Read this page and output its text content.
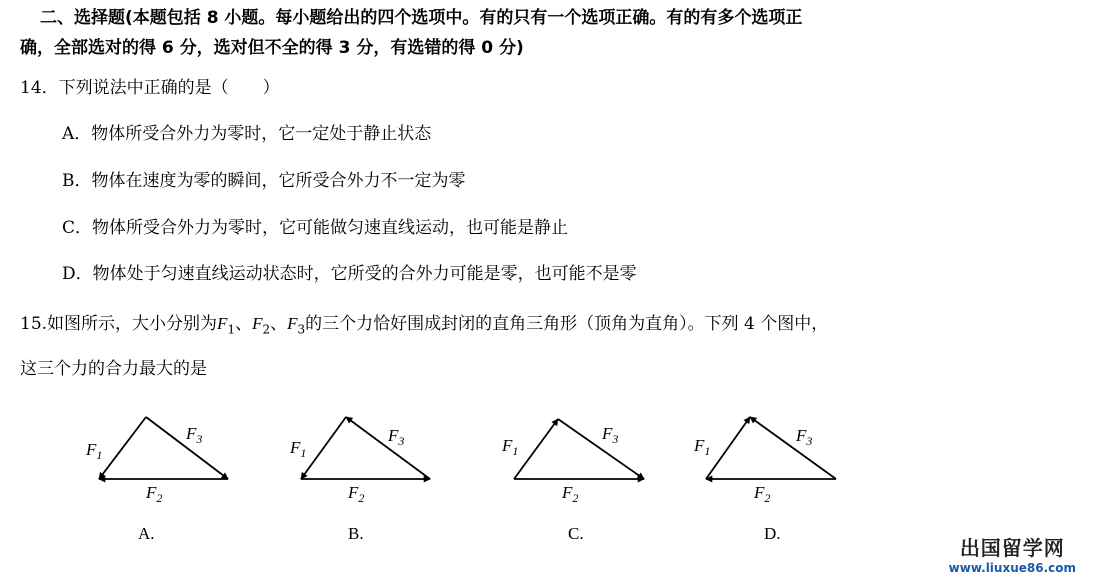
二、选择题(本题包括 8 小题。每小题给出的四个选项中。有的只有一个选项正确。有的有多个选项正
确，全部选对的得 6 分，选对但不全的得 3 分，有选错的得 0 分)
14．下列说法中正确的是（　　）
A．物体所受合外力为零时，它一定处于静止状态
B．物体在速度为零的瞬间，它所受合外力不一定为零
C．物体所受合外力为零时，它可能做匀速直线运动，也可能是静止
D．物体处于匀速直线运动状态时，它所受的合外力可能是零，也可能不是零
15.如图所示，大小分别为$F_1$、$F_2$、$F_3$的三个力恰好围成封闭的直角三角形（顶角为直角）。下列 4 个图中，
这三个力的合力最大的是
$F_1$
$F_3$
$F_2$
$F_1$
$F_3$
$F_2$
$F_1$
$F_3$
$F_2$
$F_1$
$F_3$
$F_2$
A.	B.	C.	D.
出国留学网
www.liuxue86.com
